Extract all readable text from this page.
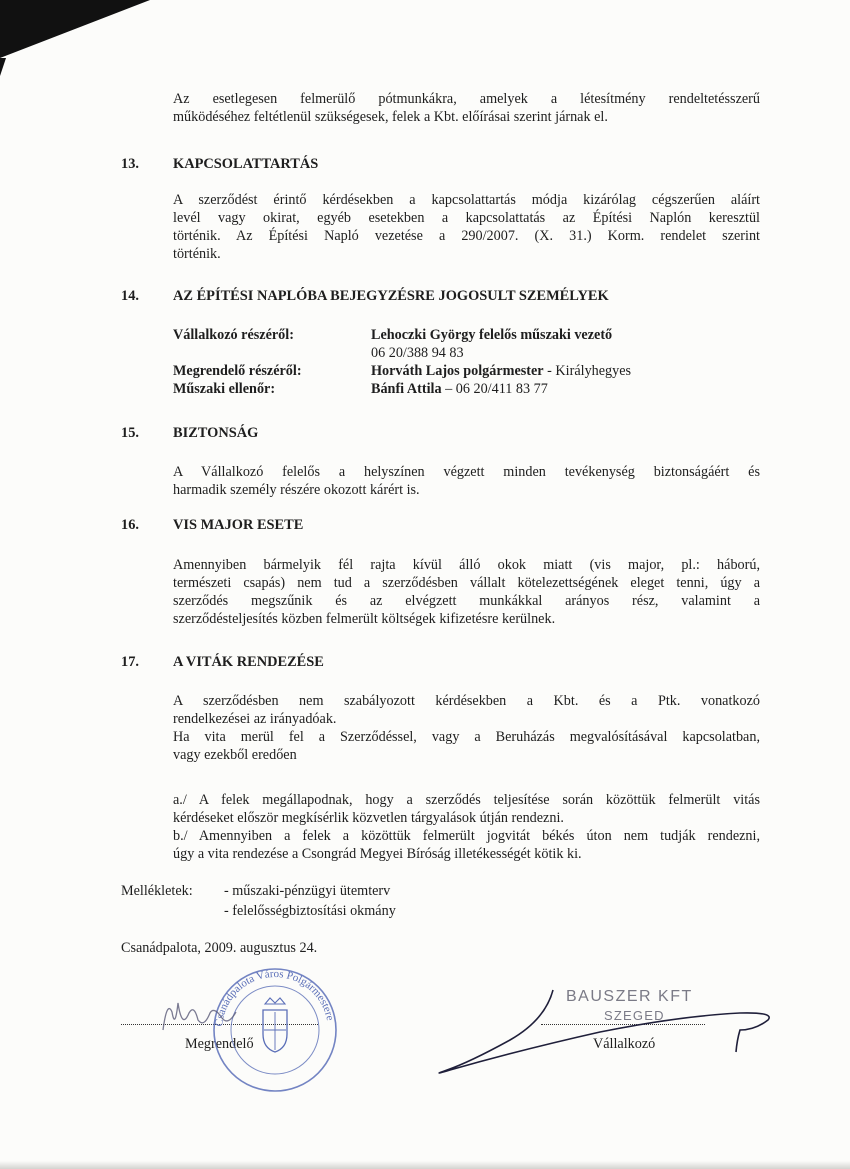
Az esetlegesen felmerülő pótmunkákra, amelyek a létesítmény rendeltetésszerű

működéséhez feltétlenül szükségesek, felek a Kbt. előírásai szerint járnak el.

13. KAPCSOLATTARTÁS

A szerződést érintő kérdésekben a kapcsolattartás módja kizárólag cégszerűen aláírt

levél vagy okirat, egyéb esetekben a kapcsolattatás az Építési Naplón keresztül

történik. Az Építési Napló vezetése a 290/2007. (X. 31.) Korm. rendelet szerint

történik.

14. AZ ÉPÍTÉSI NAPLÓBA BEJEGYZÉSRE JOGOSULT SZEMÉLYEK
Vállalkozó részéről:	Lehoczki György felelős műszaki vezető
06 20/388 94 83
Megrendelő részéről:	Horváth Lajos polgármester - Királyhegyes
Műszaki ellenőr:	Bánfi Attila – 06 20/411 83 77
15. BIZTONSÁG

A Vállalkozó felelős a helyszínen végzett minden tevékenység biztonságáért és

harmadik személy részére okozott kárért is.

16. VIS MAJOR ESETE

Amennyiben bármelyik fél rajta kívül álló okok miatt (vis major, pl.: háború,

természeti csapás) nem tud a szerződésben vállalt kötelezettségének eleget tenni, úgy a

szerződés megszűnik és az elvégzett munkákkal arányos rész, valamint a

szerződésteljesítés közben felmerült költségek kifizetésre kerülnek.

17. A VITÁK RENDEZÉSE

A szerződésben nem szabályozott kérdésekben a Kbt. és a Ptk. vonatkozó

rendelkezései az irányadóak.

Ha vita merül fel a Szerződéssel, vagy a Beruházás megvalósításával kapcsolatban,

vagy ezekből eredően

a./ A felek megállapodnak, hogy a szerződés teljesítése során közöttük felmerült vitás

kérdéseket először megkísérlik közvetlen tárgyalások útján rendezni.

b./ Amennyiben a felek a közöttük felmerült jogvitát békés úton nem tudják rendezni,

úgy a vita rendezése a Csongrád Megyei Bíróság illetékességét kötik ki.

Mellékletek: - műszaki-pénzügyi ütemterv
- felelősségbiztosítási okmány
Csanádpalota, 2009. augusztus 24.
Megrendelő	Vállalkozó
Csanádpalota Város Polgármestere
BAUSZER KFT
SZEGED
